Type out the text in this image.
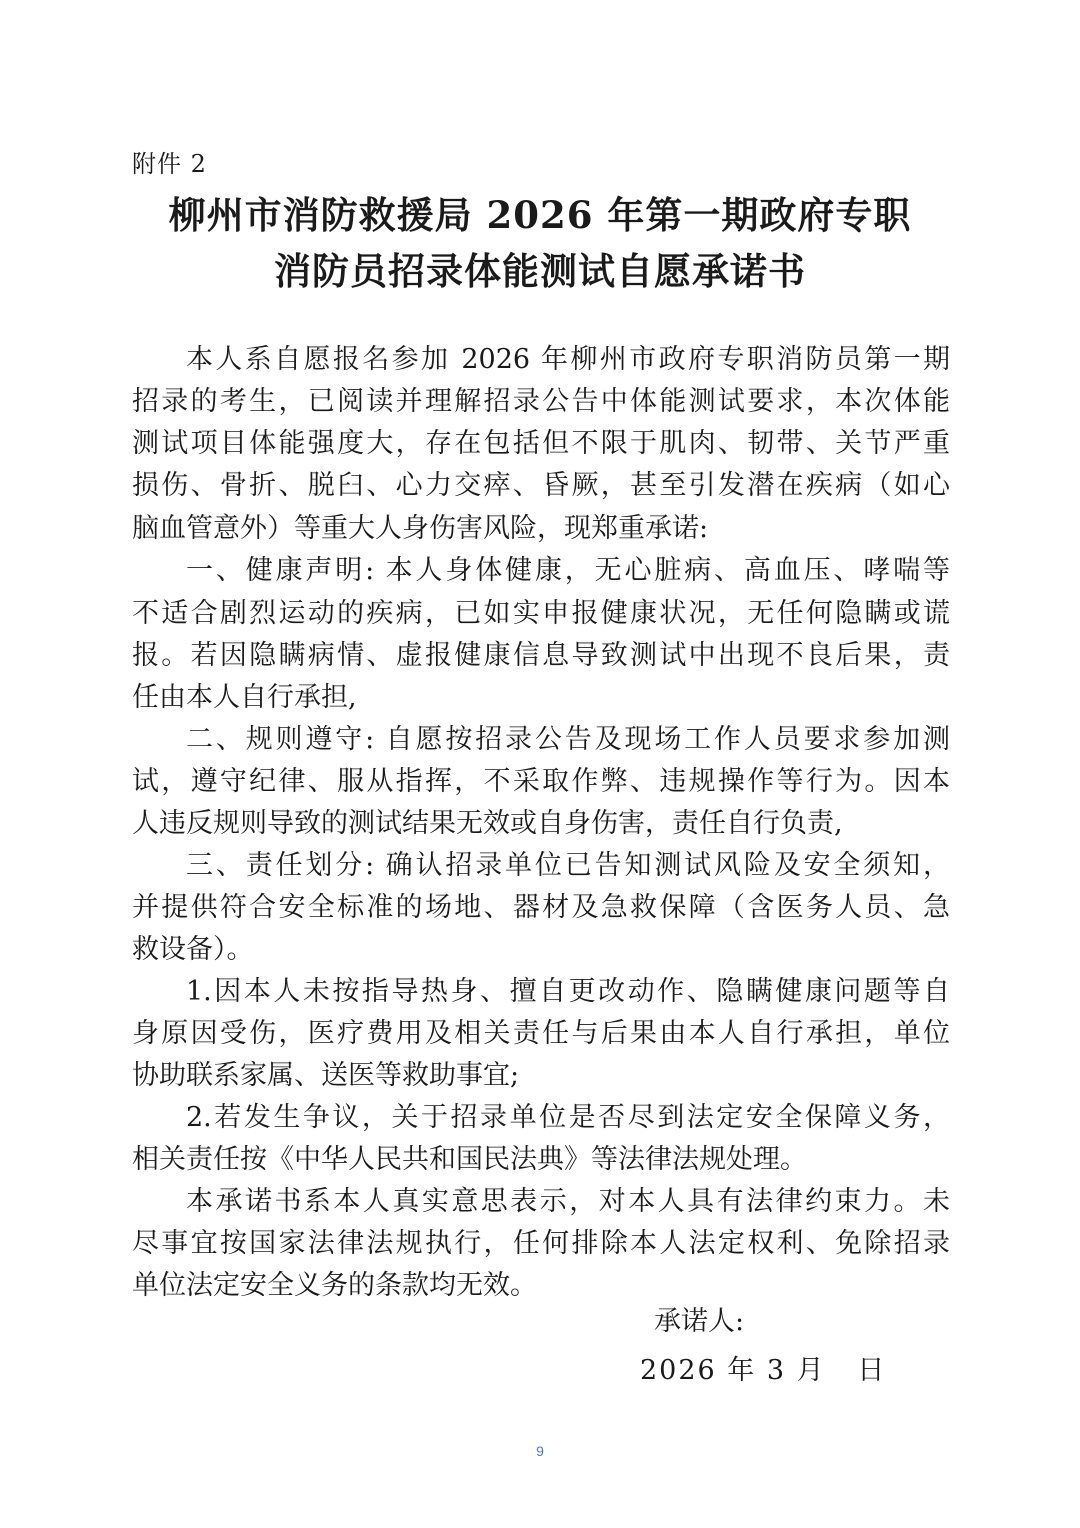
附件 2
柳州市消防救援局 2026 年第一期政府专职
消防员招录体能测试自愿承诺书
本人系自愿报名参加 2026 年柳州市政府专职消防员第一期
招录的考生，已阅读并理解招录公告中体能测试要求，本次体能
测试项目体能强度大，存在包括但不限于肌肉、韧带、关节严重
损伤、骨折、脱臼、心力交瘁、昏厥，甚至引发潜在疾病（如心
脑血管意外）等重大人身伤害风险，现郑重承诺:
一、健康声明: 本人身体健康，无心脏病、高血压、哮喘等
不适合剧烈运动的疾病，已如实申报健康状况，无任何隐瞒或谎
报。若因隐瞒病情、虚报健康信息导致测试中出现不良后果，责
任由本人自行承担,
二、规则遵守: 自愿按招录公告及现场工作人员要求参加测
试，遵守纪律、服从指挥，不采取作弊、违规操作等行为。因本
人违反规则导致的测试结果无效或自身伤害，责任自行负责,
三、责任划分: 确认招录单位已告知测试风险及安全须知，
并提供符合安全标准的场地、器材及急救保障（含医务人员、急
救设备）。
1.因本人未按指导热身、擅自更改动作、隐瞒健康问题等自
身原因受伤，医疗费用及相关责任与后果由本人自行承担，单位
协助联系家属、送医等救助事宜;
2.若发生争议，关于招录单位是否尽到法定安全保障义务，
相关责任按《中华人民共和国民法典》等法律法规处理。
本承诺书系本人真实意思表示，对本人具有法律约束力。未
尽事宜按国家法律法规执行，任何排除本人法定权利、免除招录
单位法定安全义务的条款均无效。
承诺人:
2026 年 3 月   日
9
